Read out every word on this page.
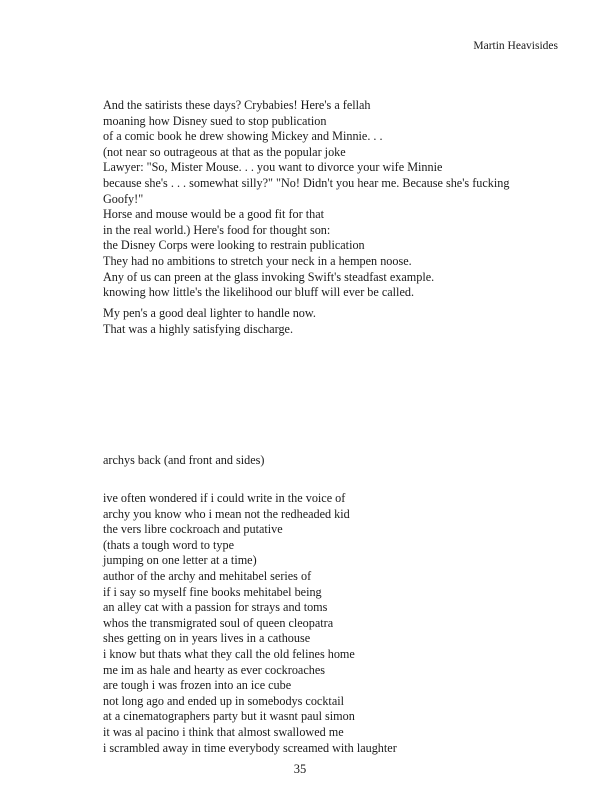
Martin Heavisides
And the satirists these days? Crybabies! Here's a fellah
moaning how Disney sued to stop publication
of a comic book he drew showing Mickey and Minnie. . .
(not near so outrageous at that as the popular joke
Lawyer: "So, Mister Mouse. . . you want to divorce your wife Minnie
because she's . . . somewhat silly?" "No! Didn't you hear me. Because she's fucking
Goofy!"
Horse and mouse would be a good fit for that
in the real world.) Here's food for thought son:
the Disney Corps were looking to restrain publication
They had no ambitions to stretch your neck in a hempen noose.
Any of us can preen at the glass invoking Swift's steadfast example.
knowing how little's the likelihood our bluff will ever be called.
My pen's a good deal lighter to handle now.
That was a highly satisfying discharge.
archys back (and front and sides)
ive often wondered if i could write in the voice of
archy you know who i mean not the redheaded kid
the vers libre cockroach and putative
(thats a tough word to type
jumping on one letter at a time)
author of the archy and mehitabel series of
if i say so myself fine books mehitabel being
an alley cat with a passion for strays and toms
whos the transmigrated soul of queen cleopatra
shes getting on in years lives in a cathouse
i know but thats what they call the old felines home
me im as hale and hearty as ever cockroaches
are tough i was frozen into an ice cube
not long ago and ended up in somebodys cocktail
at a cinematographers party but it wasnt paul simon
it was al pacino i think that almost swallowed me
i scrambled away in time everybody screamed with laughter
35
